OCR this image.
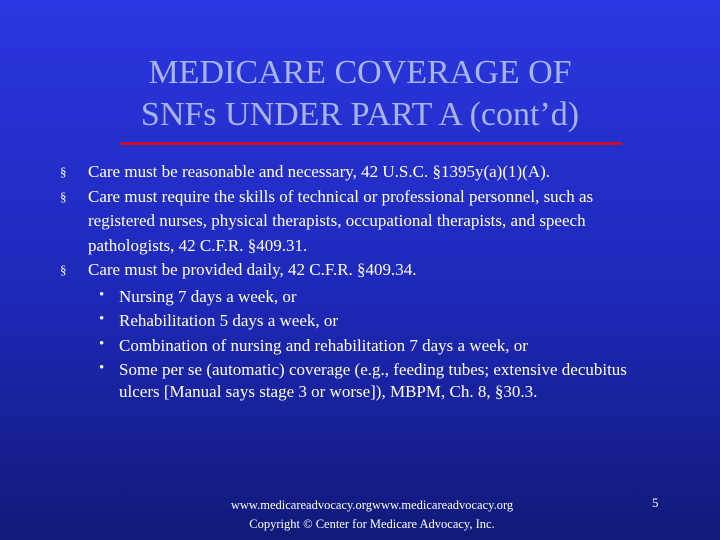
MEDICARE COVERAGE OF
SNFs UNDER PART A (cont’d)
§	Care must be reasonable and necessary, 42 U.S.C. §1395y(a)(1)(A).
§	Care must require the skills of technical or professional personnel, such as registered nurses, physical therapists, occupational therapists, and speech pathologists, 42 C.F.R. §409.31.
§	Care must be provided daily, 42 C.F.R. §409.34.
• Nursing 7 days a week, or
• Rehabilitation 5 days a week, or
• Combination of nursing and rehabilitation 7 days a week, or
• Some per se (automatic) coverage (e.g., feeding tubes; extensive decubitus ulcers [Manual says stage 3 or worse]), MBPM, Ch. 8, §30.3.
www.medicareadvocacy.orgwww.medicareadvocacy.org
Copyright © Center for Medicare Advocacy, Inc.
5
